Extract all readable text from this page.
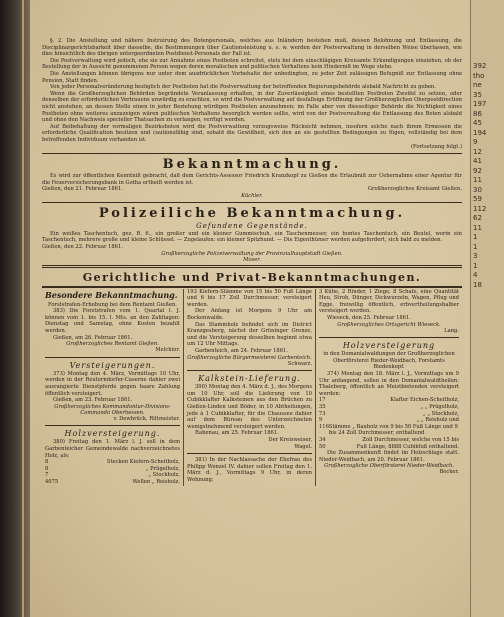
§. 2. Die Anstellung und nähere Instruirung des Botenpersonals, welches aus Inländern bestehen muß, dessen Belohnung und Entlassung, die Disciplinargerichtsbarkeit über dasselbe, die Bestimmungen über Cautionsleistung u. s. w. werden der Postverwaltung in derselben Weise überlassen, wie dies hinsichtlich des übrigen untergeordneten Postdienst-Personals der Fall ist.

Die Postverwaltung wird jedoch, ehe sie zur Annahme eines Postboten schreitet, stets bei dem einschlägigen Kreisamte Erkundigungen einziehen, ob der Bestellung der in Aussicht genommenen Person wegen deren moralischen und politischen Verhaltens kein Hinderniß im Wege stehe.

Die Anstellungen können übrigens nur unter dem ausdrücklichen Vorbehalte der unbedingten, zu jeder Zeit zulässigen Befugniß zur Entlassung ohne Pension, Statt finden.

Von jeder Personalveränderung bezüglich der Postboten hat die Postverwaltung der betreffenden Regierungsbehörde alsbald Nachricht zu geben.

Wenn die Großherzoglichen Behörden begründete Veranlassung erhalten, in der Zuverlässigkeit eines bestellten Postboten Zweifel zu setzen, oder denselben der erforderlichen Vertrauens unwürdig zu erachten, so wird die Postverwaltung auf desfallsige Eröffnung der Großherzoglichen Oberpostdirection nicht anstehen, an dessen Stelle einen in jeder Beziehung würdigen Postboten anzunehmen; im Falle aber von diesseitiger Behörde die Nichtigkeit eines Postboten ohne weiteres anzuzeigen wären politischen Verhaltens besorglich werden sollte, wird von der Postverwaltung die Entlassung des Boten alsbald und ohne den Nachweis specieller Thatsachen zu verlangen, verfügt werden.

Auf Beibehaltung der vormaligen Bezirksboten wird die Postverwaltung vorzugsweise Rücksicht nehmen, insofern solche nach ihrem Ermessen die erforderliche Qualification besitzen und cautionsfähig sind, sobald die Gewißheit, sich den an sie gestellten Bedingungen zu fügen, vollständig bei dem betreffenden Individuum vorhanden ist.

(Fortsetzung folgt.)

Bekanntmachung.

Es wird zur öffentlichen Kenntniß gebracht, daß dem Gerichts-Assessor Friedrich Kranzkopf zu Gießen die Erlaubniß zur Uebernahme einer Agentur für die Feuerversicherungsbank in Gotha ertheilt worden ist.

Gießen, den 21. Februar 1861.	Großherzogliches Kreisamt Gießen.

Küchler.

Polizeiliche Bekanntmachung.
Gefundene Gegenstände.

Ein weißes Taschentuch, gez. R. 6., ein großer und ein kleiner Gummischuh, ein Taschenmesser, ein buntes Taschentuch, ein Beutel, worin ein Taschentuch, mehrere große und kleine Schlüssel. — Zugelaufen: ein kleiner Spitzhund. — Die Eigenthümer werden aufgefordert, sich bald zu melden.

Gießen, den 22. Februar 1861.

Großherzogliche Polizeiverwaltung der Provinzialhauptstadt Gießen.

Moser.

Gerichtliche und Privat-Bekanntmachungen.
Besondere Bekanntmachung.

Forststrafen-Erhebung bei dem Rentamt Gießen.

383) Die Forststrafen vom 1. Quartal l. J. können vom 1. bis 15. l. Mts. an den Zahltagen: Dienstag und Samstag, ohne Kosten bezahlt werden.

Gießen, am 26. Februar 1861.

Großherzogliches Rentamt Gießen.

Melchior.

Versteigerungen.

373) Montag den 4. März, Vormittags 10 Uhr, werden in der Reuterndorfer-Caserne dahier zwei ausrangierte Dienstpferde gegen baare Zahlung öffentlich versteigert.

Gießen, am 23. Februar 1861.

Großherzogliches Kommandantur-Divisions-Commando Oberhessen.

v. Dewbrück, Rittmeister.

Holzversteigerung.

380) Freitag den 1. März l. J. soll in dem Garbenteicher Gemeindewalde nachverzeichnetes Holz, als:

8	Stecken Kiefern-Scheitholz,
8	„ Prügelholz,
7	„ Stockholz,
4075	Wellen „ Reisholz,

193 Kiefern-Stämme von 15 bis 50 Fuß Länge und 6 bis 17 Zoll Durchmesser, versteigert werden.

Der Anfang ist Morgens 9 Uhr am Bockenwalde.

Das Stammholz befindet sich im District Kranzgesberg, nächst der Grüninger Grenze, und die Versteigerung desselben beginnt etwa um 12 Uhr Mittags.

Garbenteich, am 24. Februar 1861.

Großherzogliche Bürgermeisterei Garbenteich.

Schwarz.

Kalkstein-Lieferung.

390) Montag den 4. März d. J., des Morgens um 10 Uhr, soll die Lieferung von 10 Cubikklafter Kalksteinen aus den Brüchen zu Gießen-Linden und Böder, in 10 Abtheilungen, jede à 1 Cubikklafter, für die Chaussee dahier auf dem Büreau des Unterzeichneten wenigstnehmend versteigert werden.

Rabenau, am 25. Februar 1861.

Der Kreisweiser,

Wagel.

381) In der Nachlassache der Ehefrau des Philipp Wenzel IV. dahier sollen Freitag den 1. März d. J., Vormittags 9 Uhr, in deren Wohnung:

3 Kühe, 2 Rinder, 1 Ziege, 8 Schafe, eine Quantität Heu, Stroh, Dünger, Dickwurzeln, Wagen, Pflug und Egge, freiwillig öffentlich, erbvertheilungshalber versteigert werden.

Wieseck, den 25. Februar 1861.

Großherzogliches Ortsgericht Wieseck.

Lang.

Holzversteigerung

in den Domanialwaldungen der Großherzoglichen Oberförsterei Rieder-Weidbach, Forstamts Biedenkopf.

374) Montag den 18. März l. J., Vormittags um 9 Uhr anfangend, sollen in den Domanialwaldtheilen: Thaleberg, öffentlich an Meistbietenden versteigert werden:

17	Klafter Eichen-Scheitholz,
35	„ „ Prügelholz,
73	„ „ Stockholz,
9	„ „ Reisholz und
116 Stämme „ Bauholz von 9 bis 50 Fuß Länge und 9 bis 24 Zoll Durchmesser, enthaltend
34	Zoll Durchmesser, welche von 15 bis
50	Fuß Länge, 8888 Cubikfuß enthaltend.

Die Zusammenkunft findet im Holzschlage statt. Nieder-Weidbach, am 20. Februar 1861.

Großherzogliche Oberförsterei Nieder-Weidbach.

Becker.

392
tho
ne
35
197
86
45
194
9
12
41
92
11
30
59
112
62
11
1
1
3
1
4
18
